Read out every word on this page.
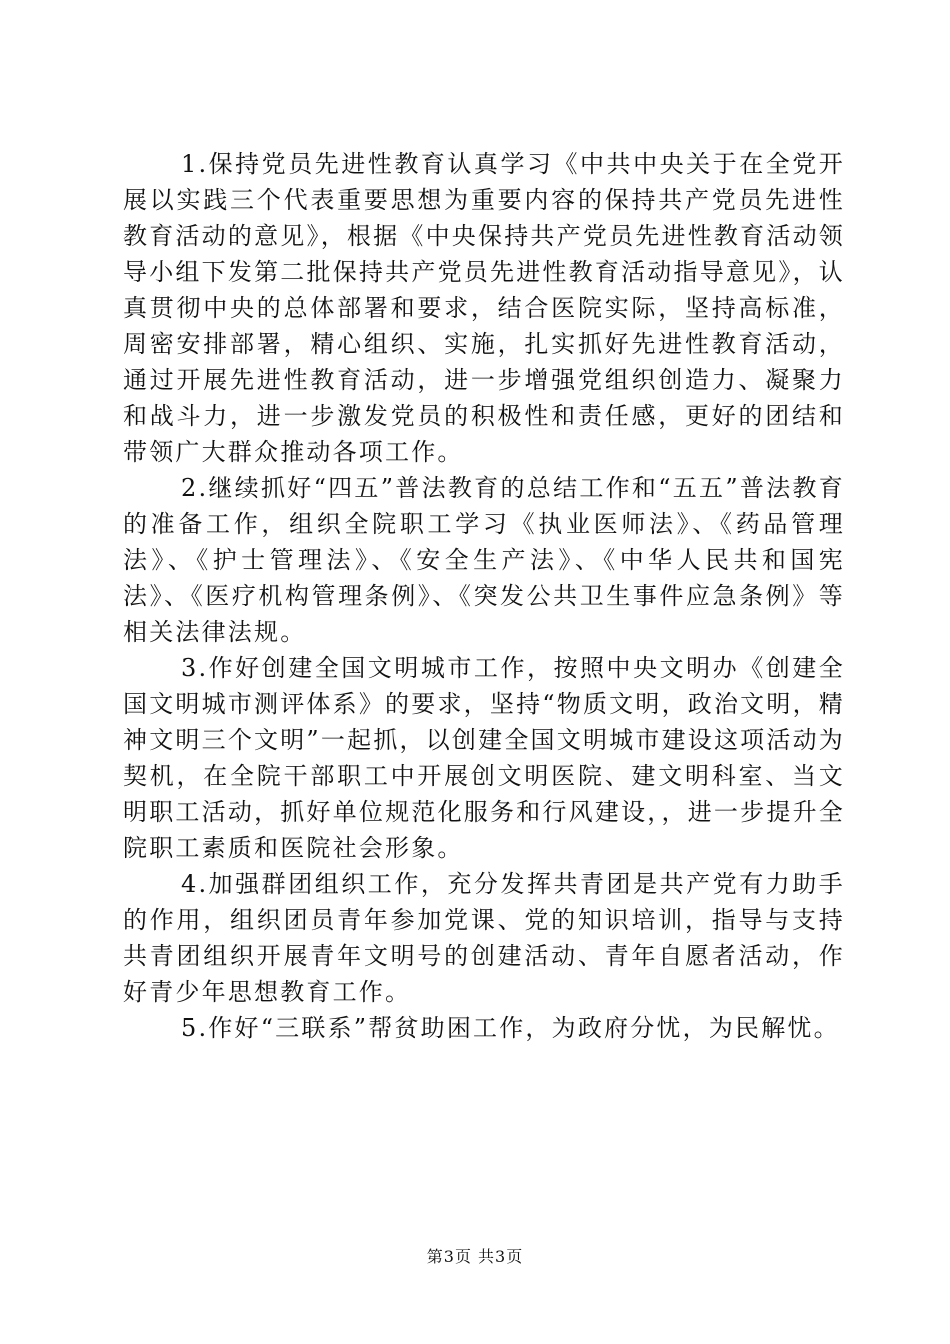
1.保持党员先进性教育认真学习《中共中央关于在全党开展以实践三个代表重要思想为重要内容的保持共产党员先进性教育活动的意见》，根据《中央保持共产党员先进性教育活动领导小组下发第二批保持共产党员先进性教育活动指导意见》，认真贯彻中央的总体部署和要求，结合医院实际，坚持高标准，周密安排部署，精心组织、实施，扎实抓好先进性教育活动，通过开展先进性教育活动，进一步增强党组织创造力、凝聚力和战斗力，进一步激发党员的积极性和责任感，更好的团结和带领广大群众推动各项工作。

2.继续抓好“四五”普法教育的总结工作和“五五”普法教育的准备工作，组织全院职工学习《执业医师法》、《药品管理法》、《护士管理法》、《安全生产法》、《中华人民共和国宪法》、《医疗机构管理条例》、《突发公共卫生事件应急条例》等相关法律法规。

3.作好创建全国文明城市工作，按照中央文明办《创建全国文明城市测评体系》的要求，坚持“物质文明，政治文明，精神文明三个文明”一起抓，以创建全国文明城市建设这项活动为契机，在全院干部职工中开展创文明医院、建文明科室、当文明职工活动，抓好单位规范化服务和行风建设，，进一步提升全院职工素质和医院社会形象。

4.加强群团组织工作，充分发挥共青团是共产党有力助手的作用，组织团员青年参加党课、党的知识培训，指导与支持共青团组织开展青年文明号的创建活动、青年自愿者活动，作好青少年思想教育工作。

5.作好“三联系”帮贫助困工作，为政府分忧，为民解忧。

第3页 共3页
